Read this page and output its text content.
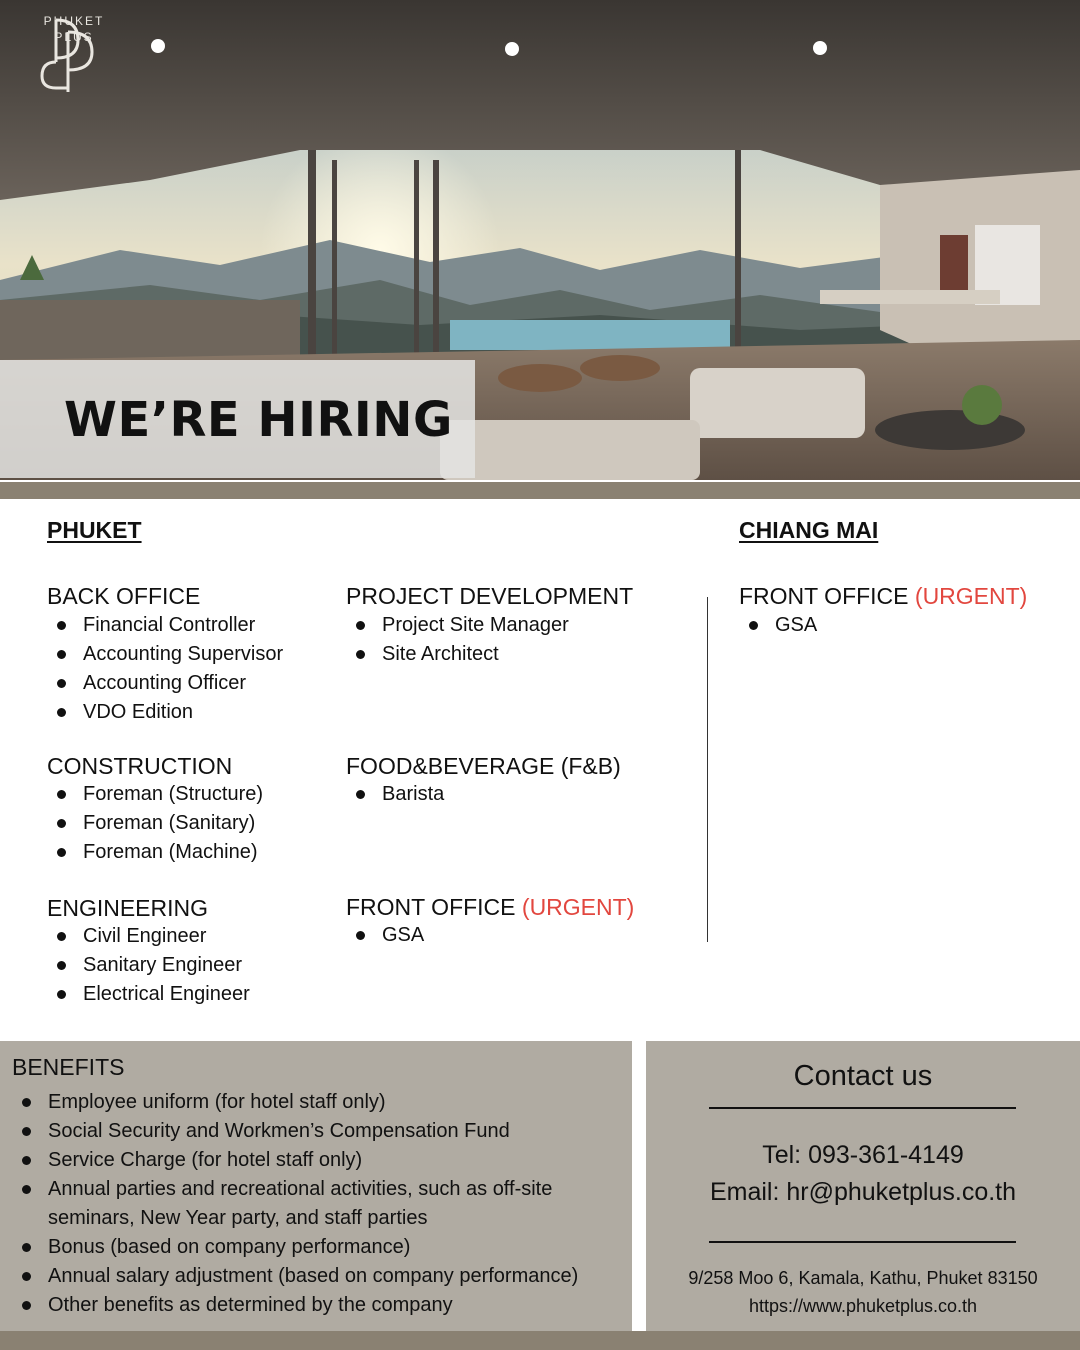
PHUKET
PLUS
WE’RE HIRING
PHUKET
BACK OFFICE
Financial Controller
Accounting Supervisor
Accounting Officer
VDO Edition
PROJECT DEVELOPMENT
Project Site Manager
Site Architect
CONSTRUCTION
Foreman (Structure)
Foreman (Sanitary)
Foreman (Machine)
FOOD&BEVERAGE (F&B)
Barista
ENGINEERING
Civil Engineer
Sanitary Engineer
Electrical Engineer
FRONT OFFICE (URGENT)
GSA
CHIANG MAI
FRONT OFFICE (URGENT)
GSA
BENEFITS
Employee uniform (for hotel staff only)
Social Security and Workmen’s Compensation Fund
Service Charge (for hotel staff only)
Annual parties and recreational activities, such as off-site seminars, New Year party, and staff parties
Bonus (based on company performance)
Annual salary adjustment (based on company performance)
Other benefits as determined by the company
Contact us
Tel: 093-361-4149
Email: hr@phuketplus.co.th
9/258 Moo 6, Kamala, Kathu, Phuket 83150
https://www.phuketplus.co.th
